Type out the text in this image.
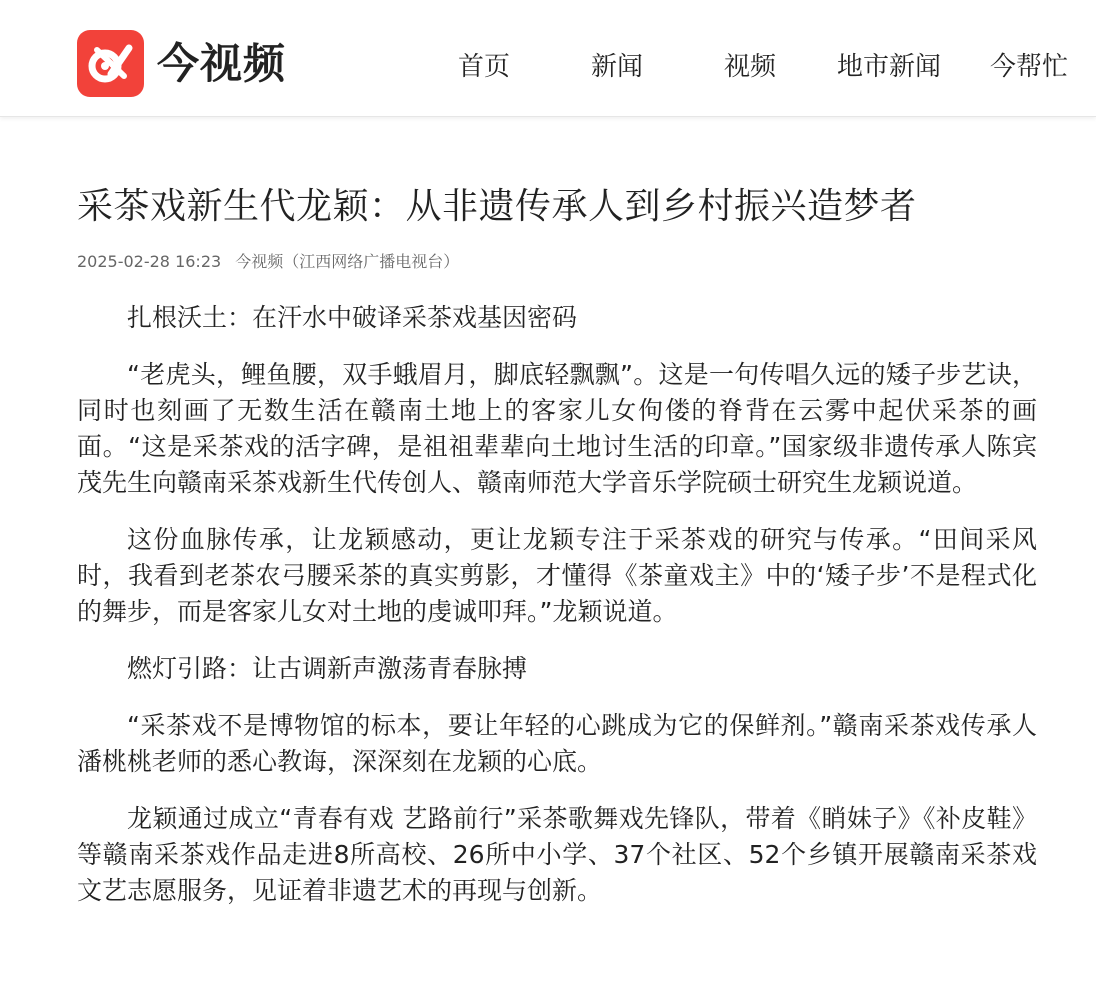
今视频	首页	新闻	视频 地市新闻 今帮忙
采茶戏新生代龙颖：从非遗传承人到乡村振兴造梦者
2025-02-28 16:23 今视频（江西网络广播电视台）

扎根沃土：在汗水中破译采茶戏基因密码

“老虎头，鲤鱼腰，双手蛾眉月，脚底轻飘飘”。这是一句传唱久远的矮子步艺诀，同时也刻画了无数生活在赣南土地上的客家儿女佝偻的脊背在云雾中起伏采茶的画面。“这是采茶戏的活字碑，是祖祖辈辈向土地讨生活的印章。”国家级非遗传承人陈宾茂先生向赣南采茶戏新生代传创人、赣南师范大学音乐学院硕士研究生龙颖说道。

这份血脉传承，让龙颖感动，更让龙颖专注于采茶戏的研究与传承。“田间采风时，我看到老茶农弓腰采茶的真实剪影，才懂得《茶童戏主》中的‘矮子步’不是程式化的舞步，而是客家儿女对土地的虔诚叩拜。”龙颖说道。

燃灯引路：让古调新声激荡青春脉搏

“采茶戏不是博物馆的标本，要让年轻的心跳成为它的保鲜剂。”赣南采茶戏传承人潘桃桃老师的悉心教诲，深深刻在龙颖的心底。

龙颖通过成立“青春有戏 艺路前行”采茶歌舞戏先锋队，带着《睄妹子》《补皮鞋》等赣南采茶戏作品走进8所高校、26所中小学、37个社区、52个乡镇开展赣南采茶戏文艺志愿服务，见证着非遗艺术的再现与创新。
